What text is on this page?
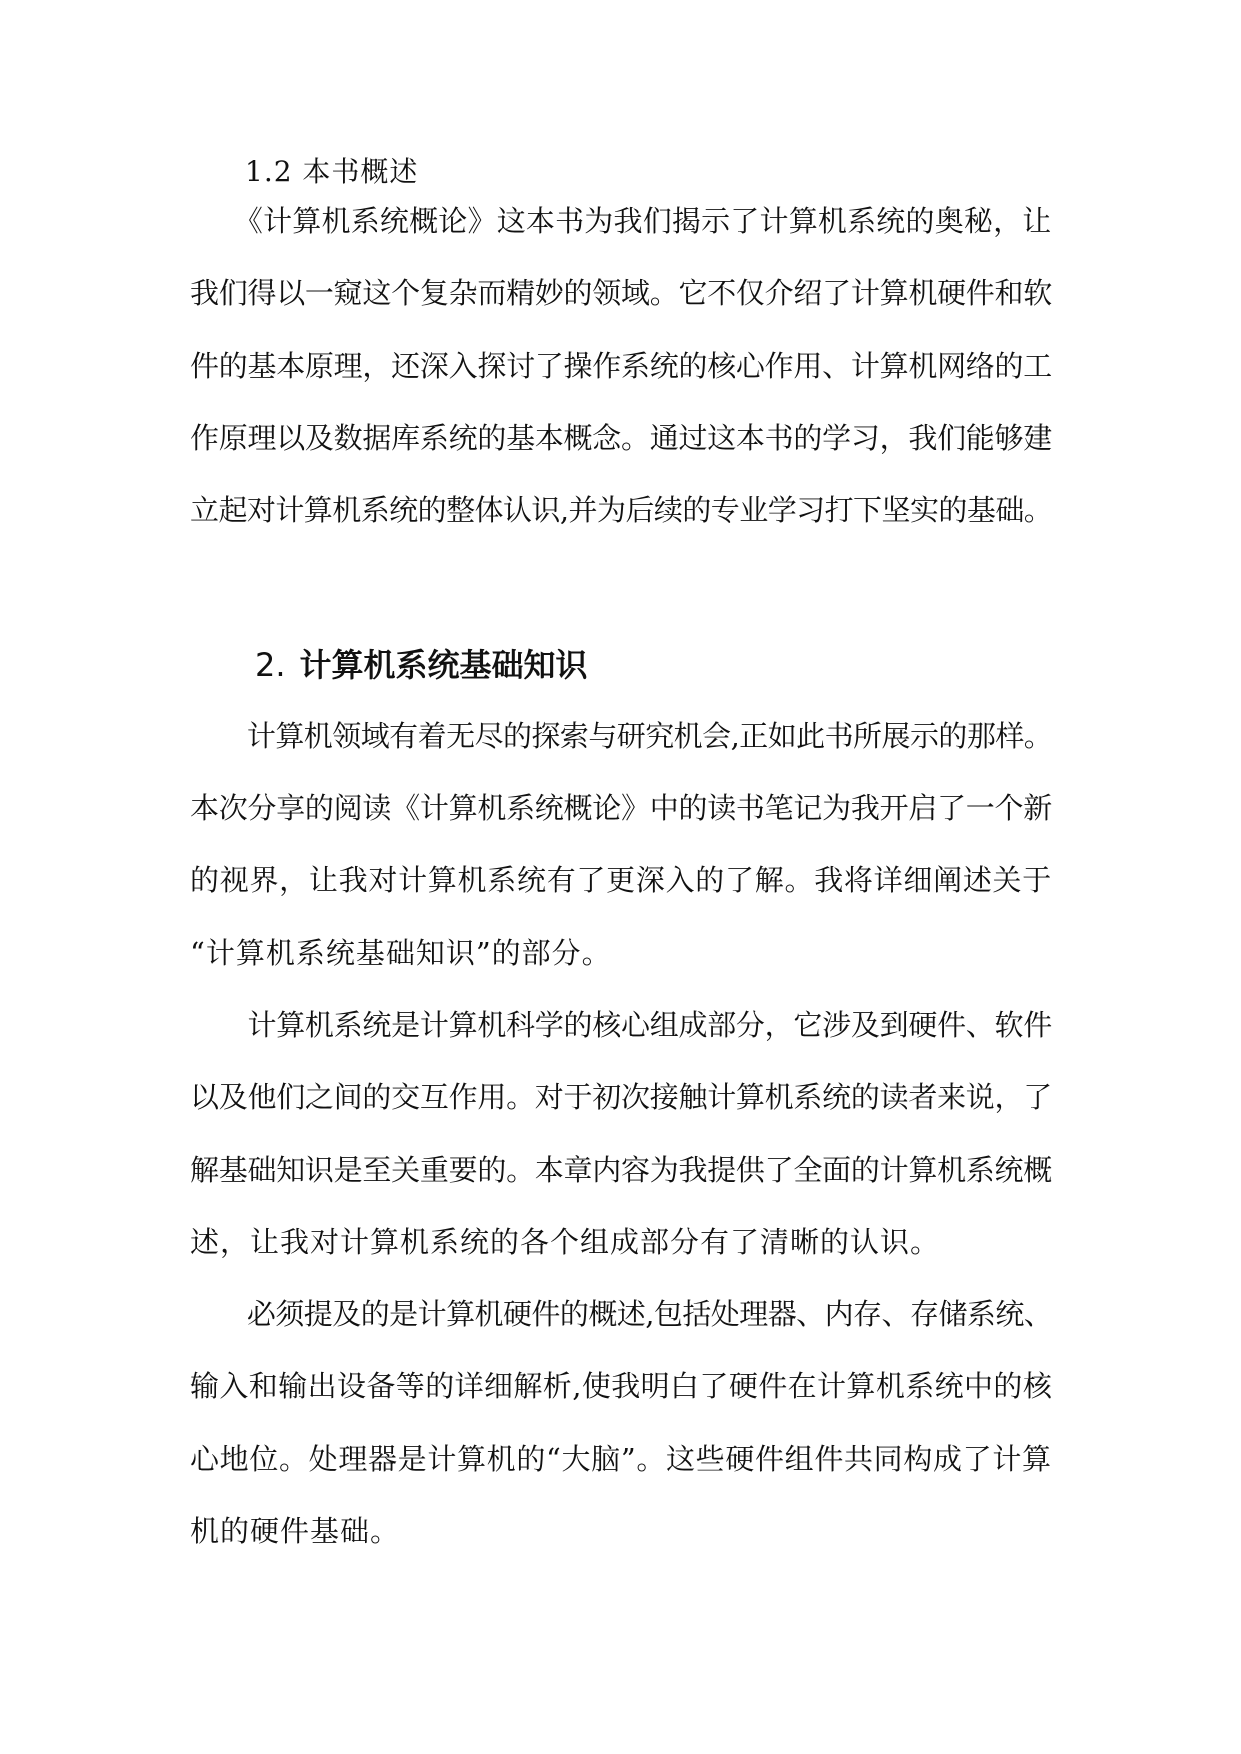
1.2 本书概述
　　《计算机系统概论》这本书为我们揭示了计算机系统的奥秘，让
我们得以一窥这个复杂而精妙的领域。它不仅介绍了计算机硬件和软
件的基本原理，还深入探讨了操作系统的核心作用、计算机网络的工
作原理以及数据库系统的基本概念。通过这本书的学习，我们能够建
立起对计算机系统的整体认识,并为后续的专业学习打下坚实的基础。
2. 计算机系统基础知识
　　计算机领域有着无尽的探索与研究机会,正如此书所展示的那样。
本次分享的阅读《计算机系统概论》中的读书笔记为我开启了一个新
的视界，让我对计算机系统有了更深入的了解。我将详细阐述关于
“计算机系统基础知识”的部分。
　　计算机系统是计算机科学的核心组成部分，它涉及到硬件、软件
以及他们之间的交互作用。对于初次接触计算机系统的读者来说，了
解基础知识是至关重要的。本章内容为我提供了全面的计算机系统概
述，让我对计算机系统的各个组成部分有了清晰的认识。
　　必须提及的是计算机硬件的概述,包括处理器、内存、存储系统、
输入和输出设备等的详细解析,使我明白了硬件在计算机系统中的核
心地位。处理器是计算机的“大脑”。这些硬件组件共同构成了计算
机的硬件基础。
